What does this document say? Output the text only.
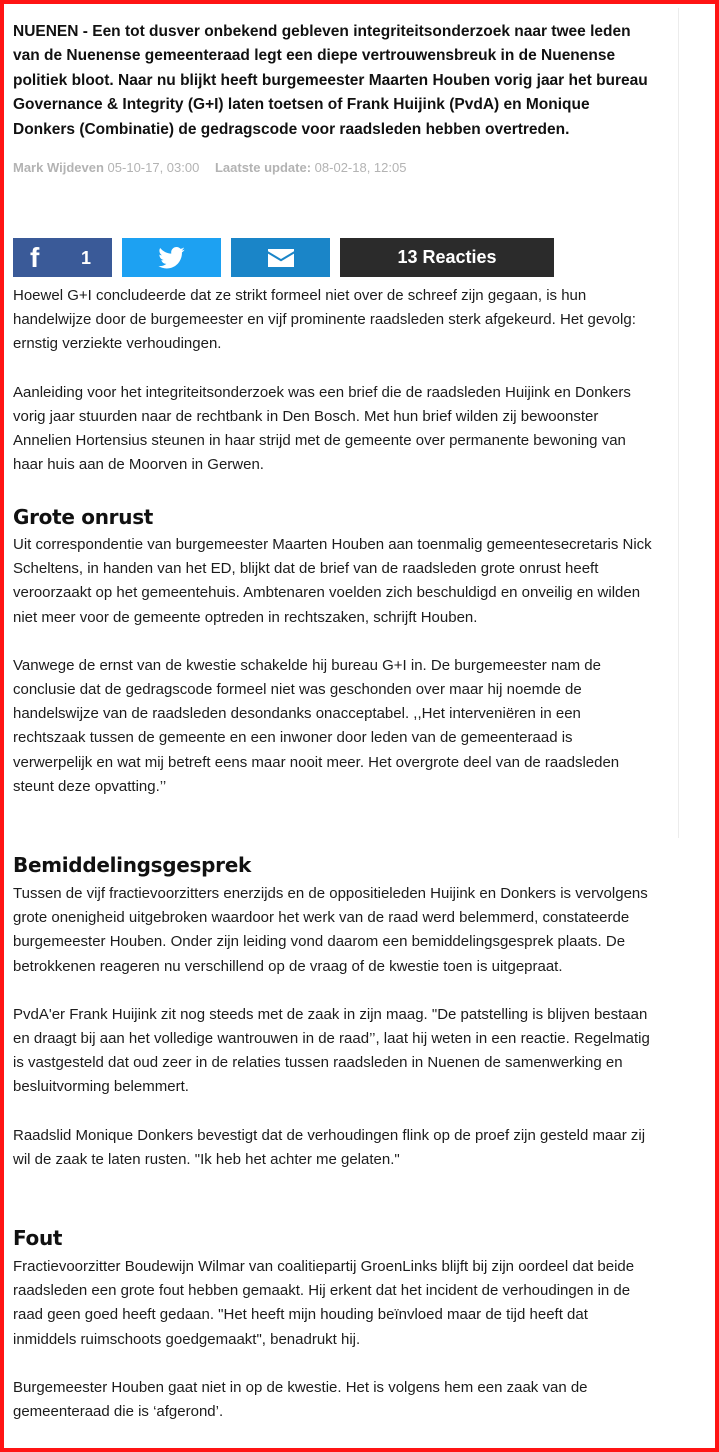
NUENEN - Een tot dusver onbekend gebleven integriteitsonderzoek naar twee leden van de Nuenense gemeenteraad legt een diepe vertrouwensbreuk in de Nuenense politiek bloot. Naar nu blijkt heeft burgemeester Maarten Houben vorig jaar het bureau Governance & Integrity (G+I) laten toetsen of Frank Huijink (PvdA) en Monique Donkers (Combinatie) de gedragscode voor raadsleden hebben overtreden.

Mark Wijdeven 05-10-17, 03:00 Laatste update: 08-02-18, 12:05
f 1	13 Reacties

Hoewel G+I concludeerde dat ze strikt formeel niet over de schreef zijn gegaan, is hun handelwijze door de burgemeester en vijf prominente raadsleden sterk afgekeurd. Het gevolg: ernstig verziekte verhoudingen.

Aanleiding voor het integriteitsonderzoek was een brief die de raadsleden Huijink en Donkers vorig jaar stuurden naar de rechtbank in Den Bosch. Met hun brief wilden zij bewoonster Annelien Hortensius steunen in haar strijd met de gemeente over permanente bewoning van haar huis aan de Moorven in Gerwen.

Grote onrust

Uit correspondentie van burgemeester Maarten Houben aan toenmalig gemeentesecretaris Nick Scheltens, in handen van het ED, blijkt dat de brief van de raadsleden grote onrust heeft veroorzaakt op het gemeentehuis. Ambtenaren voelden zich beschuldigd en onveilig en wilden niet meer voor de gemeente optreden in rechtszaken, schrijft Houben.

Vanwege de ernst van de kwestie schakelde hij bureau G+I in. De burgemeester nam de conclusie dat de gedragscode formeel niet was geschonden over maar hij noemde de handelswijze van de raadsleden desondanks onacceptabel. ,,Het interveniëren in een rechtszaak tussen de gemeente en een inwoner door leden van de gemeenteraad is verwerpelijk en wat mij betreft eens maar nooit meer. Het overgrote deel van de raadsleden steunt deze opvatting.’’

Bemiddelingsgesprek

Tussen de vijf fractievoorzitters enerzijds en de oppositieleden Huijink en Donkers is vervolgens grote onenigheid uitgebroken waardoor het werk van de raad werd belemmerd, constateerde burgemeester Houben. Onder zijn leiding vond daarom een bemiddelingsgesprek plaats. De betrokkenen reageren nu verschillend op de vraag of de kwestie toen is uitgepraat.

PvdA'er Frank Huijink zit nog steeds met de zaak in zijn maag. "De patstelling is blijven bestaan en draagt bij aan het volledige wantrouwen in de raad’’, laat hij weten in een reactie. Regelmatig is vastgesteld dat oud zeer in de relaties tussen raadsleden in Nuenen de samenwerking en besluitvorming belemmert.

Raadslid Monique Donkers bevestigt dat de verhoudingen flink op de proef zijn gesteld maar zij wil de zaak te laten rusten. "Ik heb het achter me gelaten."

Fout

Fractievoorzitter Boudewijn Wilmar van coalitiepartij GroenLinks blijft bij zijn oordeel dat beide raadsleden een grote fout hebben gemaakt. Hij erkent dat het incident de verhoudingen in de raad geen goed heeft gedaan. "Het heeft mijn houding beïnvloed maar de tijd heeft dat inmiddels ruimschoots goedgemaakt", benadrukt hij.

Burgemeester Houben gaat niet in op de kwestie. Het is volgens hem een zaak van de gemeenteraad die is ‘afgerond’.
